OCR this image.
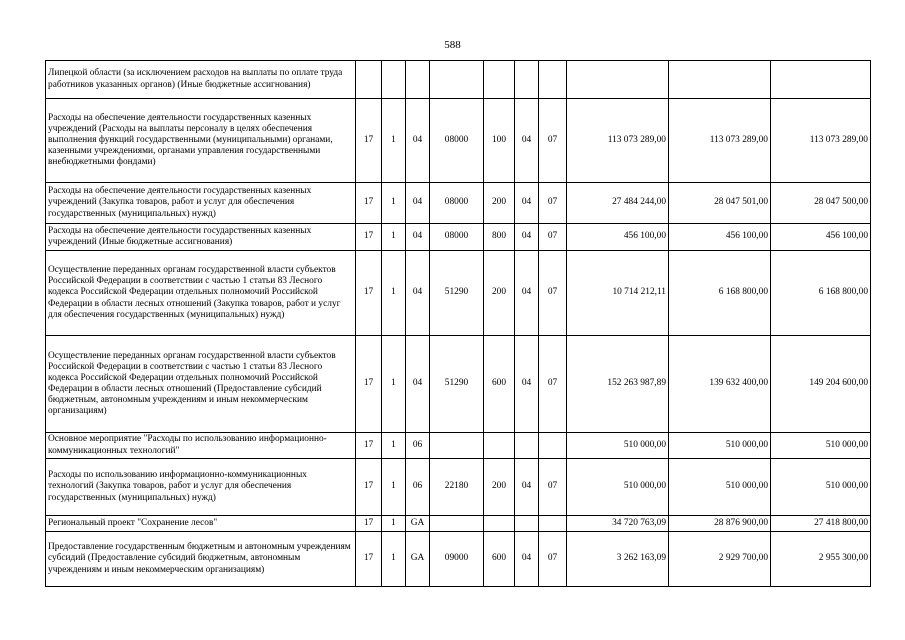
588
Липецкой области (за исключением расходов на выплаты по оплате труда работников указанных органов) (Иные бюджетные ассигнования)										
Расходы на обеспечение деятельности государственных казенных учреждений (Расходы на выплаты персоналу в целях обеспечения выполнения функций государственными (муниципальными) органами, казенными учреждениями, органами управления государственными внебюджетными фондами)	17	1	04	08000	100	04	07	113 073 289,00	113 073 289,00	113 073 289,00
Расходы на обеспечение деятельности государственных казенных учреждений (Закупка товаров, работ и услуг для обеспечения государственных (муниципальных) нужд)	17	1	04	08000	200	04	07	27 484 244,00	28 047 501,00	28 047 500,00
Расходы на обеспечение деятельности государственных казенных учреждений (Иные бюджетные ассигнования)	17	1	04	08000	800	04	07	456 100,00	456 100,00	456 100,00
Осуществление переданных органам государственной власти субъектов Российской Федерации в соответствии с частью 1 статьи 83 Лесного кодекса Российской Федерации отдельных полномочий Российской Федерации в области лесных отношений (Закупка товаров, работ и услуг для обеспечения государственных (муниципальных) нужд)	17	1	04	51290	200	04	07	10 714 212,11	6 168 800,00	6 168 800,00
Осуществление переданных органам государственной власти субъектов Российской Федерации в соответствии с частью 1 статьи 83 Лесного кодекса Российской Федерации отдельных полномочий Российской Федерации в области лесных отношений (Предоставление субсидий бюджетным, автономным учреждениям и иным некоммерческим организациям)	17	1	04	51290	600	04	07	152 263 987,89	139 632 400,00	149 204 600,00
Основное мероприятие "Расходы по использованию информационно-коммуникационных технологий"	17	1	06					510 000,00	510 000,00	510 000,00
Расходы по использованию информационно-коммуникационных технологий (Закупка товаров, работ и услуг для обеспечения государственных (муниципальных) нужд)	17	1	06	22180	200	04	07	510 000,00	510 000,00	510 000,00
Региональный проект "Сохранение лесов"	17	1	GA					34 720 763,09	28 876 900,00	27 418 800,00
Предоставление государственным бюджетным и автономным учреждениям субсидий (Предоставление субсидий бюджетным, автономным учреждениям и иным некоммерческим организациям)	17	1	GA	09000	600	04	07	3 262 163,09	2 929 700,00	2 955 300,00
